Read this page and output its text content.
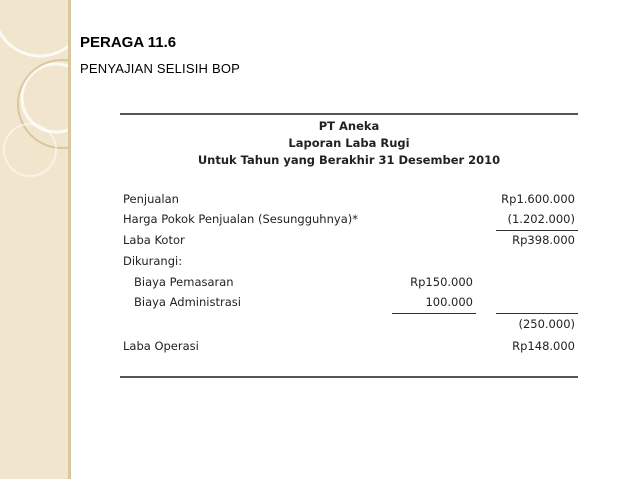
PERAGA 11.6
PENYAJIAN SELISIH BOP
PT Aneka
Laporan Laba Rugi
Untuk Tahun yang Berakhir 31 Desember 2010
Penjualan	Rp1.600.000
Harga Pokok Penjualan (Sesungguhnya)*	(1.202.000)
Laba Kotor	Rp398.000
Dikurangi:
Biaya Pemasaran	Rp150.000
Biaya Administrasi	100.000
(250.000)
Laba Operasi	Rp148.000
